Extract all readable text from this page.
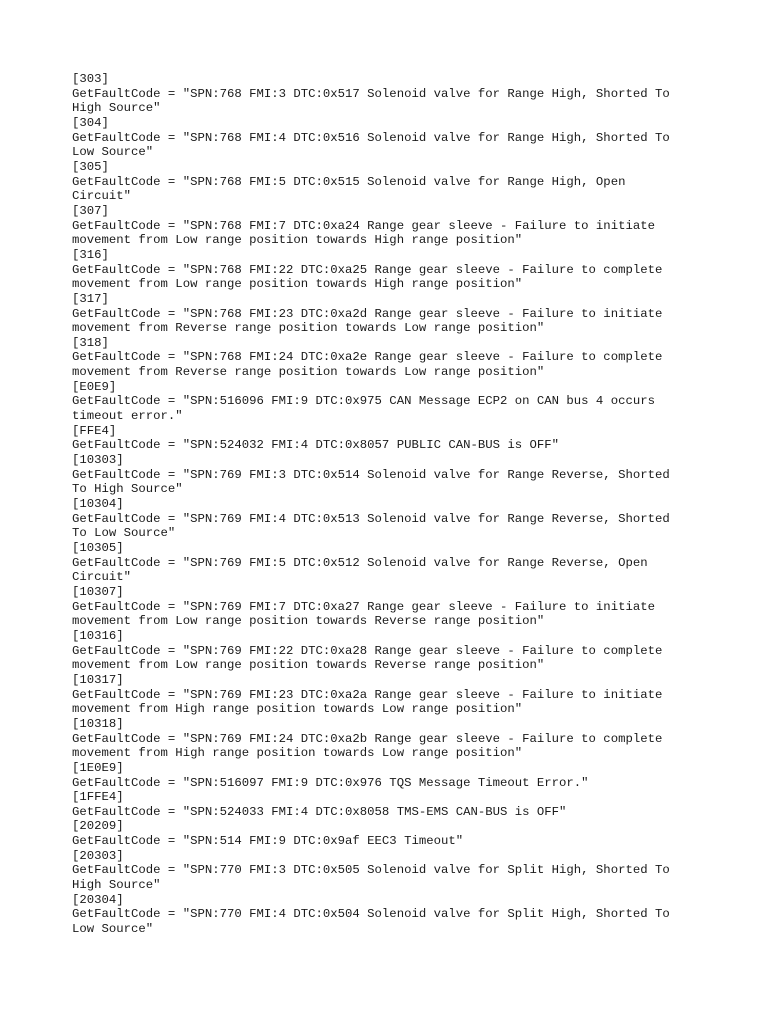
[303]
GetFaultCode = "SPN:768 FMI:3 DTC:0x517 Solenoid valve for Range High, Shorted To
High Source"
[304]
GetFaultCode = "SPN:768 FMI:4 DTC:0x516 Solenoid valve for Range High, Shorted To
Low Source"
[305]
GetFaultCode = "SPN:768 FMI:5 DTC:0x515 Solenoid valve for Range High, Open
Circuit"
[307]
GetFaultCode = "SPN:768 FMI:7 DTC:0xa24 Range gear sleeve - Failure to initiate
movement from Low range position towards High range position"
[316]
GetFaultCode = "SPN:768 FMI:22 DTC:0xa25 Range gear sleeve - Failure to complete
movement from Low range position towards High range position"
[317]
GetFaultCode = "SPN:768 FMI:23 DTC:0xa2d Range gear sleeve - Failure to initiate
movement from Reverse range position towards Low range position"
[318]
GetFaultCode = "SPN:768 FMI:24 DTC:0xa2e Range gear sleeve - Failure to complete
movement from Reverse range position towards Low range position"
[E0E9]
GetFaultCode = "SPN:516096 FMI:9 DTC:0x975 CAN Message ECP2 on CAN bus 4 occurs
timeout error."
[FFE4]
GetFaultCode = "SPN:524032 FMI:4 DTC:0x8057 PUBLIC CAN-BUS is OFF"
[10303]
GetFaultCode = "SPN:769 FMI:3 DTC:0x514 Solenoid valve for Range Reverse, Shorted
To High Source"
[10304]
GetFaultCode = "SPN:769 FMI:4 DTC:0x513 Solenoid valve for Range Reverse, Shorted
To Low Source"
[10305]
GetFaultCode = "SPN:769 FMI:5 DTC:0x512 Solenoid valve for Range Reverse, Open
Circuit"
[10307]
GetFaultCode = "SPN:769 FMI:7 DTC:0xa27 Range gear sleeve - Failure to initiate
movement from Low range position towards Reverse range position"
[10316]
GetFaultCode = "SPN:769 FMI:22 DTC:0xa28 Range gear sleeve - Failure to complete
movement from Low range position towards Reverse range position"
[10317]
GetFaultCode = "SPN:769 FMI:23 DTC:0xa2a Range gear sleeve - Failure to initiate
movement from High range position towards Low range position"
[10318]
GetFaultCode = "SPN:769 FMI:24 DTC:0xa2b Range gear sleeve - Failure to complete
movement from High range position towards Low range position"
[1E0E9]
GetFaultCode = "SPN:516097 FMI:9 DTC:0x976 TQS Message Timeout Error."
[1FFE4]
GetFaultCode = "SPN:524033 FMI:4 DTC:0x8058 TMS-EMS CAN-BUS is OFF"
[20209]
GetFaultCode = "SPN:514 FMI:9 DTC:0x9af EEC3 Timeout"
[20303]
GetFaultCode = "SPN:770 FMI:3 DTC:0x505 Solenoid valve for Split High, Shorted To
High Source"
[20304]
GetFaultCode = "SPN:770 FMI:4 DTC:0x504 Solenoid valve for Split High, Shorted To
Low Source"
